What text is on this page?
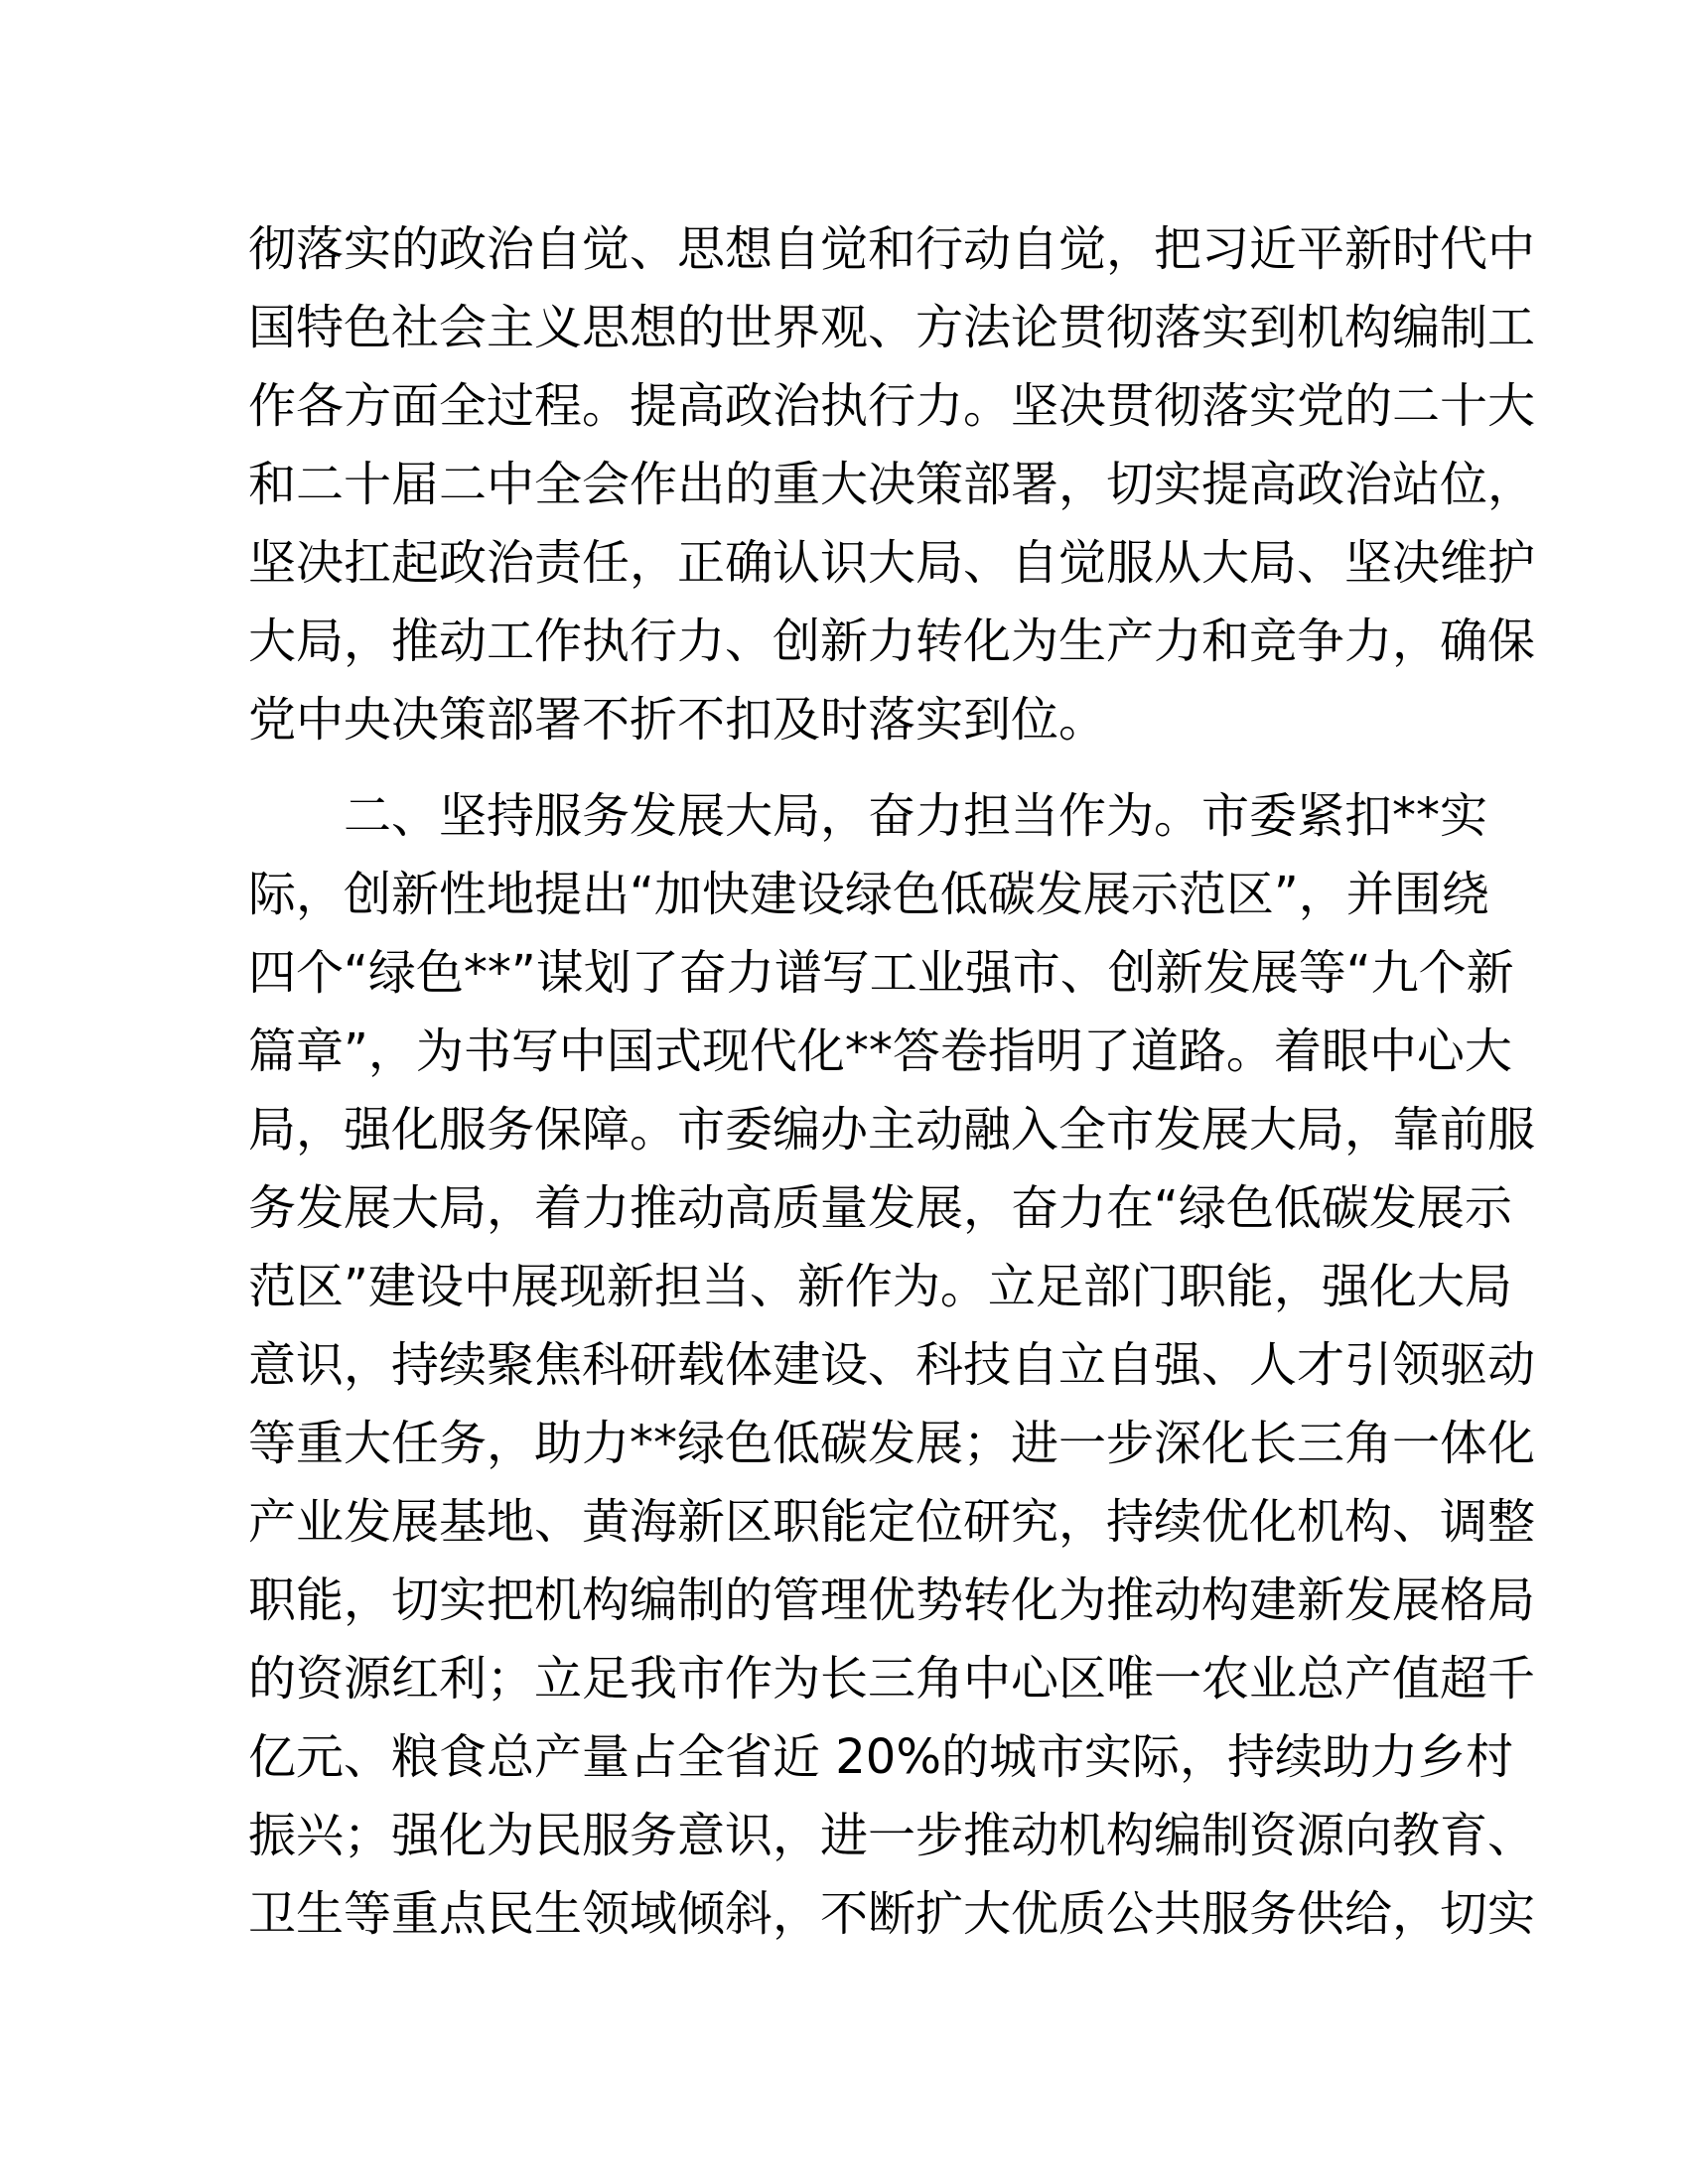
彻落实的政治自觉、思想自觉和行动自觉，把习近平新时代中
国特色社会主义思想的世界观、方法论贯彻落实到机构编制工
作各方面全过程。提高政治执行力。坚决贯彻落实党的二十大
和二十届二中全会作出的重大决策部署，切实提高政治站位，
坚决扛起政治责任，正确认识大局、自觉服从大局、坚决维护
大局，推动工作执行力、创新力转化为生产力和竞争力，确保
党中央决策部署不折不扣及时落实到位。
二、坚持服务发展大局，奋力担当作为。市委紧扣**实
际，创新性地提出“加快建设绿色低碳发展示范区”，并围绕
四个“绿色**”谋划了奋力谱写工业强市、创新发展等“九个新
篇章”，为书写中国式现代化**答卷指明了道路。着眼中心大
局，强化服务保障。市委编办主动融入全市发展大局，靠前服
务发展大局，着力推动高质量发展，奋力在“绿色低碳发展示
范区”建设中展现新担当、新作为。立足部门职能，强化大局
意识，持续聚焦科研载体建设、科技自立自强、人才引领驱动
等重大任务，助力**绿色低碳发展；进一步深化长三角一体化
产业发展基地、黄海新区职能定位研究，持续优化机构、调整
职能，切实把机构编制的管理优势转化为推动构建新发展格局
的资源红利；立足我市作为长三角中心区唯一农业总产值超千
亿元、粮食总产量占全省近 20%的城市实际，持续助力乡村
振兴；强化为民服务意识，进一步推动机构编制资源向教育、
卫生等重点民生领域倾斜，不断扩大优质公共服务供给，切实
